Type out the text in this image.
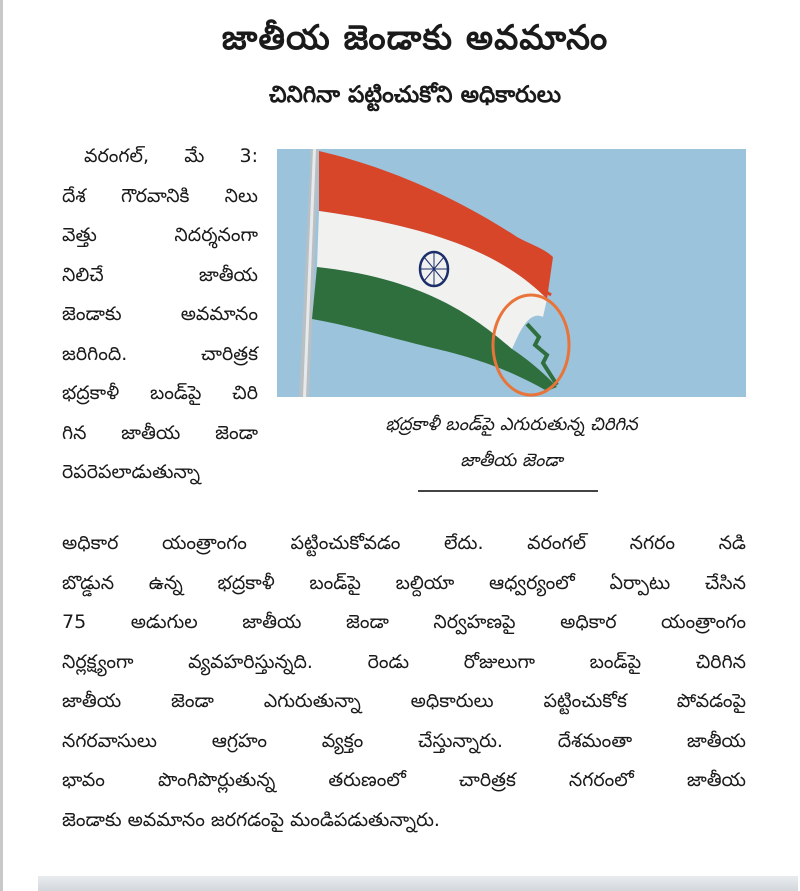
జాతీయ జెండాకు అవమానం
చినిగినా పట్టించుకోని అధికారులు
వరంగల్, మే 3:
దేశ గౌరవానికి నిలు
వెత్తు నిదర్శనంగా
నిలిచే జాతీయ
జెండాకు అవమానం
జరిగింది. చారిత్రక
భద్రకాళీ బండ్‌పై చిరి
గిన జాతీయ జెండా
రెపరెపలాడుతున్నా
భద్రకాళీ బండ్‌పై ఎగురుతున్న చిరిగిన
జాతీయ జెండా
అధికార యంత్రాంగం పట్టించుకోవడం లేదు. వరంగల్ నగరం నడి
బొడ్డున ఉన్న భద్రకాళీ బండ్‌పై బల్దియా ఆధ్వర్యంలో ఏర్పాటు చేసిన
75 అడుగుల జాతీయ జెండా నిర్వహణపై అధికార యంత్రాంగం
నిర్లక్ష్యంగా వ్యవహరిస్తున్నది. రెండు రోజులుగా బండ్‌పై చిరిగిన
జాతీయ జెండా ఎగురుతున్నా అధికారులు పట్టించుకోక పోవడంపై
నగరవాసులు ఆగ్రహం వ్యక్తం చేస్తున్నారు. దేశమంతా జాతీయ
భావం పొంగిపొర్లుతున్న తరుణంలో చారిత్రక నగరంలో జాతీయ
జెండాకు అవమానం జరగడంపై మండిపడుతున్నారు.
